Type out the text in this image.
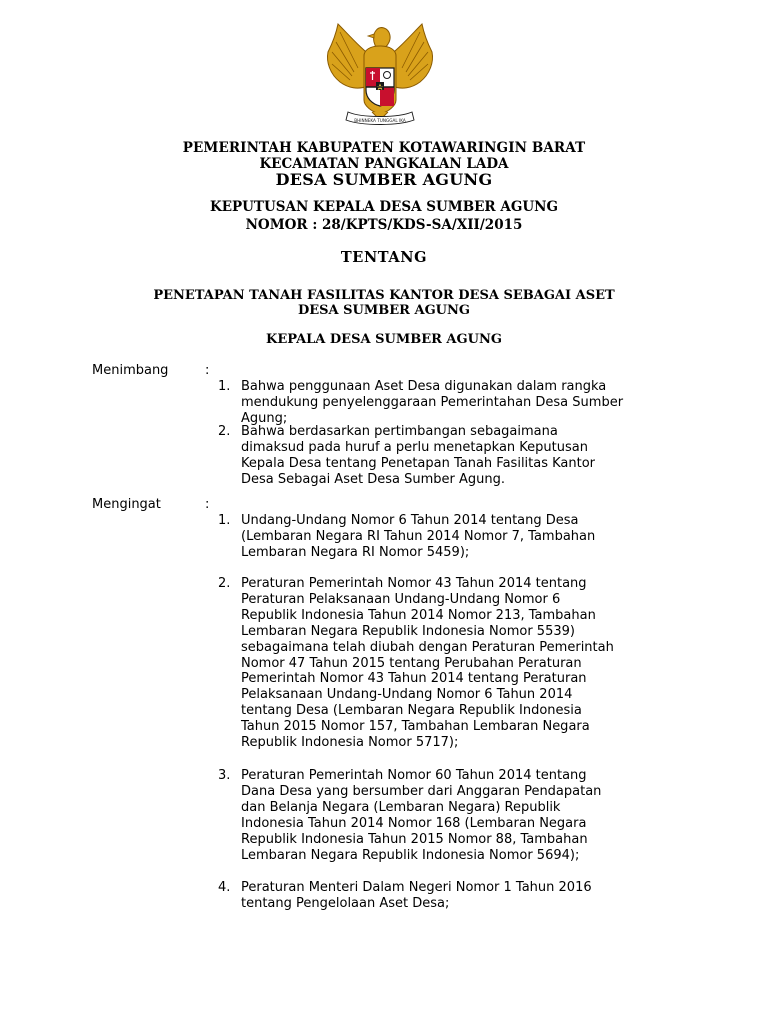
BHINNEKA TUNGGAL IKA
PEMERINTAH KABUPATEN KOTAWARINGIN BARAT
KECAMATAN PANGKALAN LADA
DESA SUMBER AGUNG
KEPUTUSAN KEPALA DESA SUMBER AGUNG
NOMOR : 28/KPTS/KDS-SA/XII/2015
TENTANG
PENETAPAN TANAH FASILITAS KANTOR DESA SEBAGAI ASET
DESA SUMBER AGUNG
KEPALA DESA SUMBER AGUNG
Menimbang	:
1. Bahwa penggunaan Aset Desa digunakan dalam rangka
mendukung penyelenggaraan Pemerintahan Desa Sumber
Agung;
2. Bahwa berdasarkan pertimbangan sebagaimana
dimaksud pada huruf a perlu menetapkan Keputusan
Kepala Desa tentang Penetapan Tanah Fasilitas Kantor
Desa Sebagai Aset Desa Sumber Agung.
Mengingat	:
1. Undang-Undang Nomor 6 Tahun 2014 tentang Desa
(Lembaran Negara RI Tahun 2014 Nomor 7, Tambahan
Lembaran Negara RI Nomor 5459);
2. Peraturan Pemerintah Nomor 43 Tahun 2014 tentang
Peraturan Pelaksanaan Undang-Undang Nomor 6
Republik Indonesia Tahun 2014 Nomor 213, Tambahan
Lembaran Negara Republik Indonesia Nomor 5539)
sebagaimana telah diubah dengan Peraturan Pemerintah
Nomor 47 Tahun 2015 tentang Perubahan Peraturan
Pemerintah Nomor 43 Tahun 2014 tentang Peraturan
Pelaksanaan Undang-Undang Nomor 6 Tahun 2014
tentang Desa (Lembaran Negara Republik Indonesia
Tahun 2015 Nomor 157, Tambahan Lembaran Negara
Republik Indonesia Nomor 5717);
3. Peraturan Pemerintah Nomor 60 Tahun 2014 tentang
Dana Desa yang bersumber dari Anggaran Pendapatan
dan Belanja Negara (Lembaran Negara) Republik
Indonesia Tahun 2014 Nomor 168 (Lembaran Negara
Republik Indonesia Tahun 2015 Nomor 88, Tambahan
Lembaran Negara Republik Indonesia Nomor 5694);
4. Peraturan Menteri Dalam Negeri Nomor 1 Tahun 2016
tentang Pengelolaan Aset Desa;
